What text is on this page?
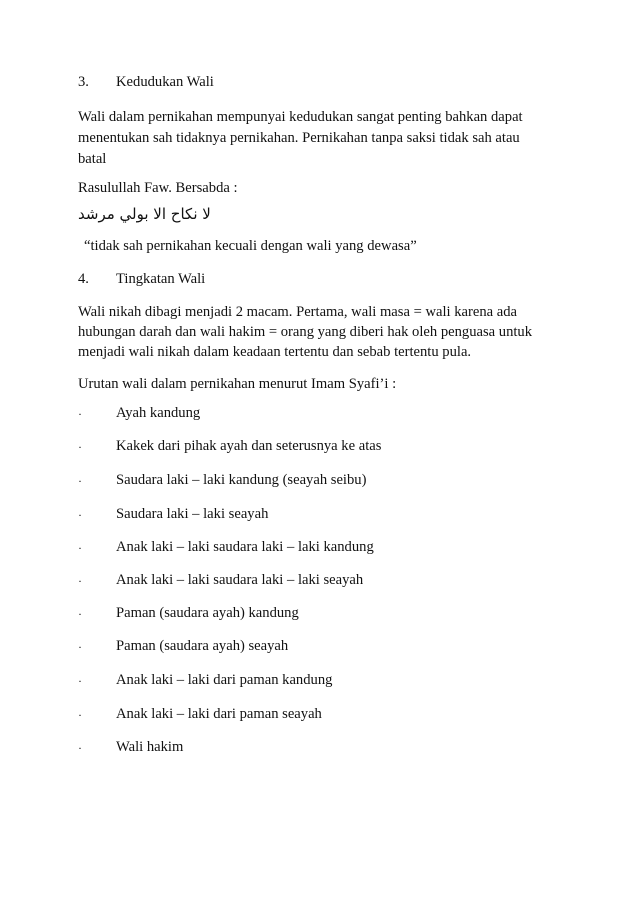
3. Kedudukan Wali
Wali dalam pernikahan mempunyai kedudukan sangat penting bahkan dapat
menentukan sah tidaknya pernikahan. Pernikahan tanpa saksi tidak sah atau
batal
Rasulullah Faw. Bersabda :
لا نكاح الا بولي مرشد
“tidak sah pernikahan kecuali dengan wali yang dewasa”
4. Tingkatan Wali
Wali nikah dibagi menjadi 2 macam. Pertama, wali masa = wali karena ada
hubungan darah dan wali hakim = orang yang diberi hak oleh penguasa untuk
menjadi wali nikah dalam keadaan tertentu dan sebab tertentu pula.
Urutan wali dalam pernikahan menurut Imam Syafi’i :
· Ayah kandung
· Kakek dari pihak ayah dan seterusnya ke atas
· Saudara laki – laki kandung (seayah seibu)
· Saudara laki – laki seayah
· Anak laki – laki saudara laki – laki kandung
· Anak laki – laki saudara laki – laki seayah
· Paman (saudara ayah) kandung
· Paman (saudara ayah) seayah
· Anak laki – laki dari paman kandung
· Anak laki – laki dari paman seayah
· Wali hakim
